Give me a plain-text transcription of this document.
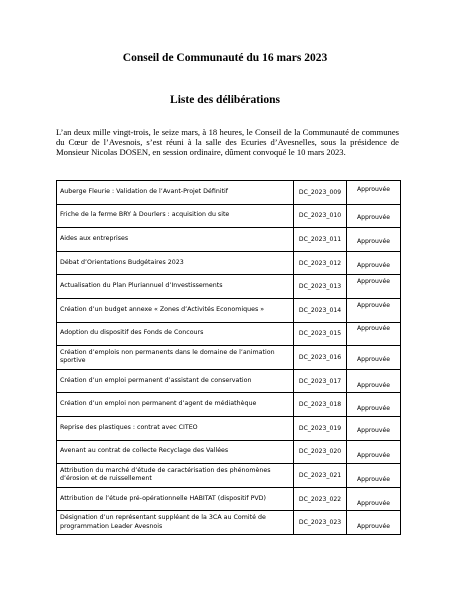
Conseil de Communauté du 16 mars 2023
Liste des délibérations
L’an deux mille vingt-trois, le seize mars, à 18 heures, le Conseil de la Communauté de communes du Cœur de l’Avesnois, s’est réuni à la salle des Ecuries d’Avesnelles, sous la présidence de Monsieur Nicolas DOSEN, en session ordinaire, dûment convoqué le 10 mars 2023.
Auberge Fleurie : Validation de l’Avant-Projet Définitif	DC_2023_009	Approuvée
Friche de la ferme BRY à Dourlers : acquisition du site	DC_2023_010	Approuvée
Aides aux entreprises	DC_2023_011	Approuvée
Débat d’Orientations Budgétaires 2023	DC_2023_012	Approuvée
Actualisation du Plan Pluriannuel d’Investissements	DC_2023_013	Approuvée
Création d’un budget annexe « Zones d’Activités Economiques »	DC_2023_014	Approuvée
Adoption du dispositif des Fonds de Concours	DC_2023_015	Approuvée
Création d’emplois non permanents dans le domaine de l’animation sportive	DC_2023_016	Approuvée
Création d’un emploi permanent d’assistant de conservation	DC_2023_017	Approuvée
Création d’un emploi non permanent d’agent de médiathèque	DC_2023_018	Approuvée
Reprise des plastiques : contrat avec CITEO	DC_2023_019	Approuvée
Avenant au contrat de collecte Recyclage des Vallées	DC_2023_020	Approuvée
Attribution du marché d’étude de caractérisation des phénomènes d’érosion et de ruissellement	DC_2023_021	Approuvée
Attribution de l’étude pré-opérationnelle HABITAT (dispositif PVD)	DC_2023_022	Approuvée
Désignation d’un représentant suppléant de la 3CA au Comité de programmation Leader Avesnois	DC_2023_023	Approuvée
